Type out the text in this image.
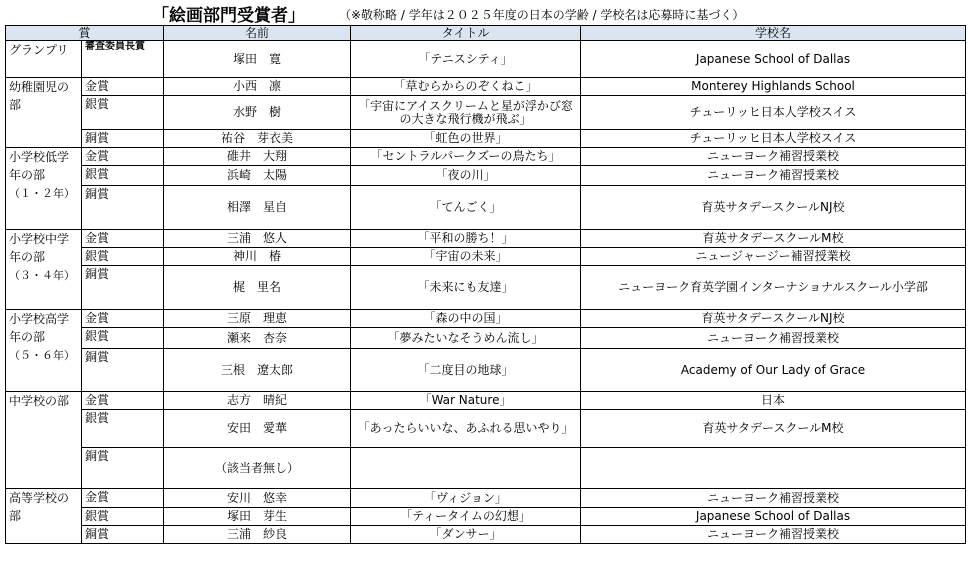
「絵画部門受賞者」	（※敬称略 / 学年は２０２５年度の日本の学齢 / 学校名は応募時に基づく）
賞		名前	タイトル	学校名
グランプリ	審査委員長賞	塚田　寛	「テニスシティ」	Japanese School of Dallas
幼稚園児の部	金賞	小西　凛	「草むらからのぞくねこ」	Monterey Highlands School
	銀賞	水野　樹	「宇宙にアイスクリームと星が浮かび窓の大きな飛行機が飛ぶ」	チューリッヒ日本人学校スイス
	銅賞	祐谷　芽衣美	「虹色の世界」	チューリッヒ日本人学校スイス
小学校低学年の部
（１・２年）	金賞	碓井　大翔	「セントラルパークズーの鳥たち」	ニューヨーク補習授業校
	銀賞	浜崎　太陽	「夜の川」	ニューヨーク補習授業校
	銅賞	相澤　星自	「てんごく」	育英サタデースクールNJ校
小学校中学年の部
（３・４年）	金賞	三浦　悠人	「平和の勝ち！」	育英サタデースクールM校
	銀賞	神川　椿	「宇宙の未来」	ニュージャージー補習授業校
	銅賞	梶　里名	「未来にも友達」	ニューヨーク育英学園インターナショナルスクール小学部
小学校高学年の部
（５・６年）	金賞	三原　理恵	「森の中の国」	育英サタデースクールNJ校
	銀賞	瀬来　杏奈	「夢みたいなそうめん流し」	ニューヨーク補習授業校
	銅賞	三根　遼太郎	「二度目の地球」	Academy of Our Lady of Grace
中学校の部	金賞	志方　晴紀	「War Nature」	日本
	銀賞	安田　愛華	「あったらいいな、あふれる思いやり」	育英サタデースクールM校
	銅賞	（該当者無し）		
高等学校の部	金賞	安川　悠幸	「ヴィジョン」	ニューヨーク補習授業校
	銀賞	塚田　芽生	「ティータイムの幻想」	Japanese School of Dallas
	銅賞	三浦　紗良	「ダンサー」	ニューヨーク補習授業校
